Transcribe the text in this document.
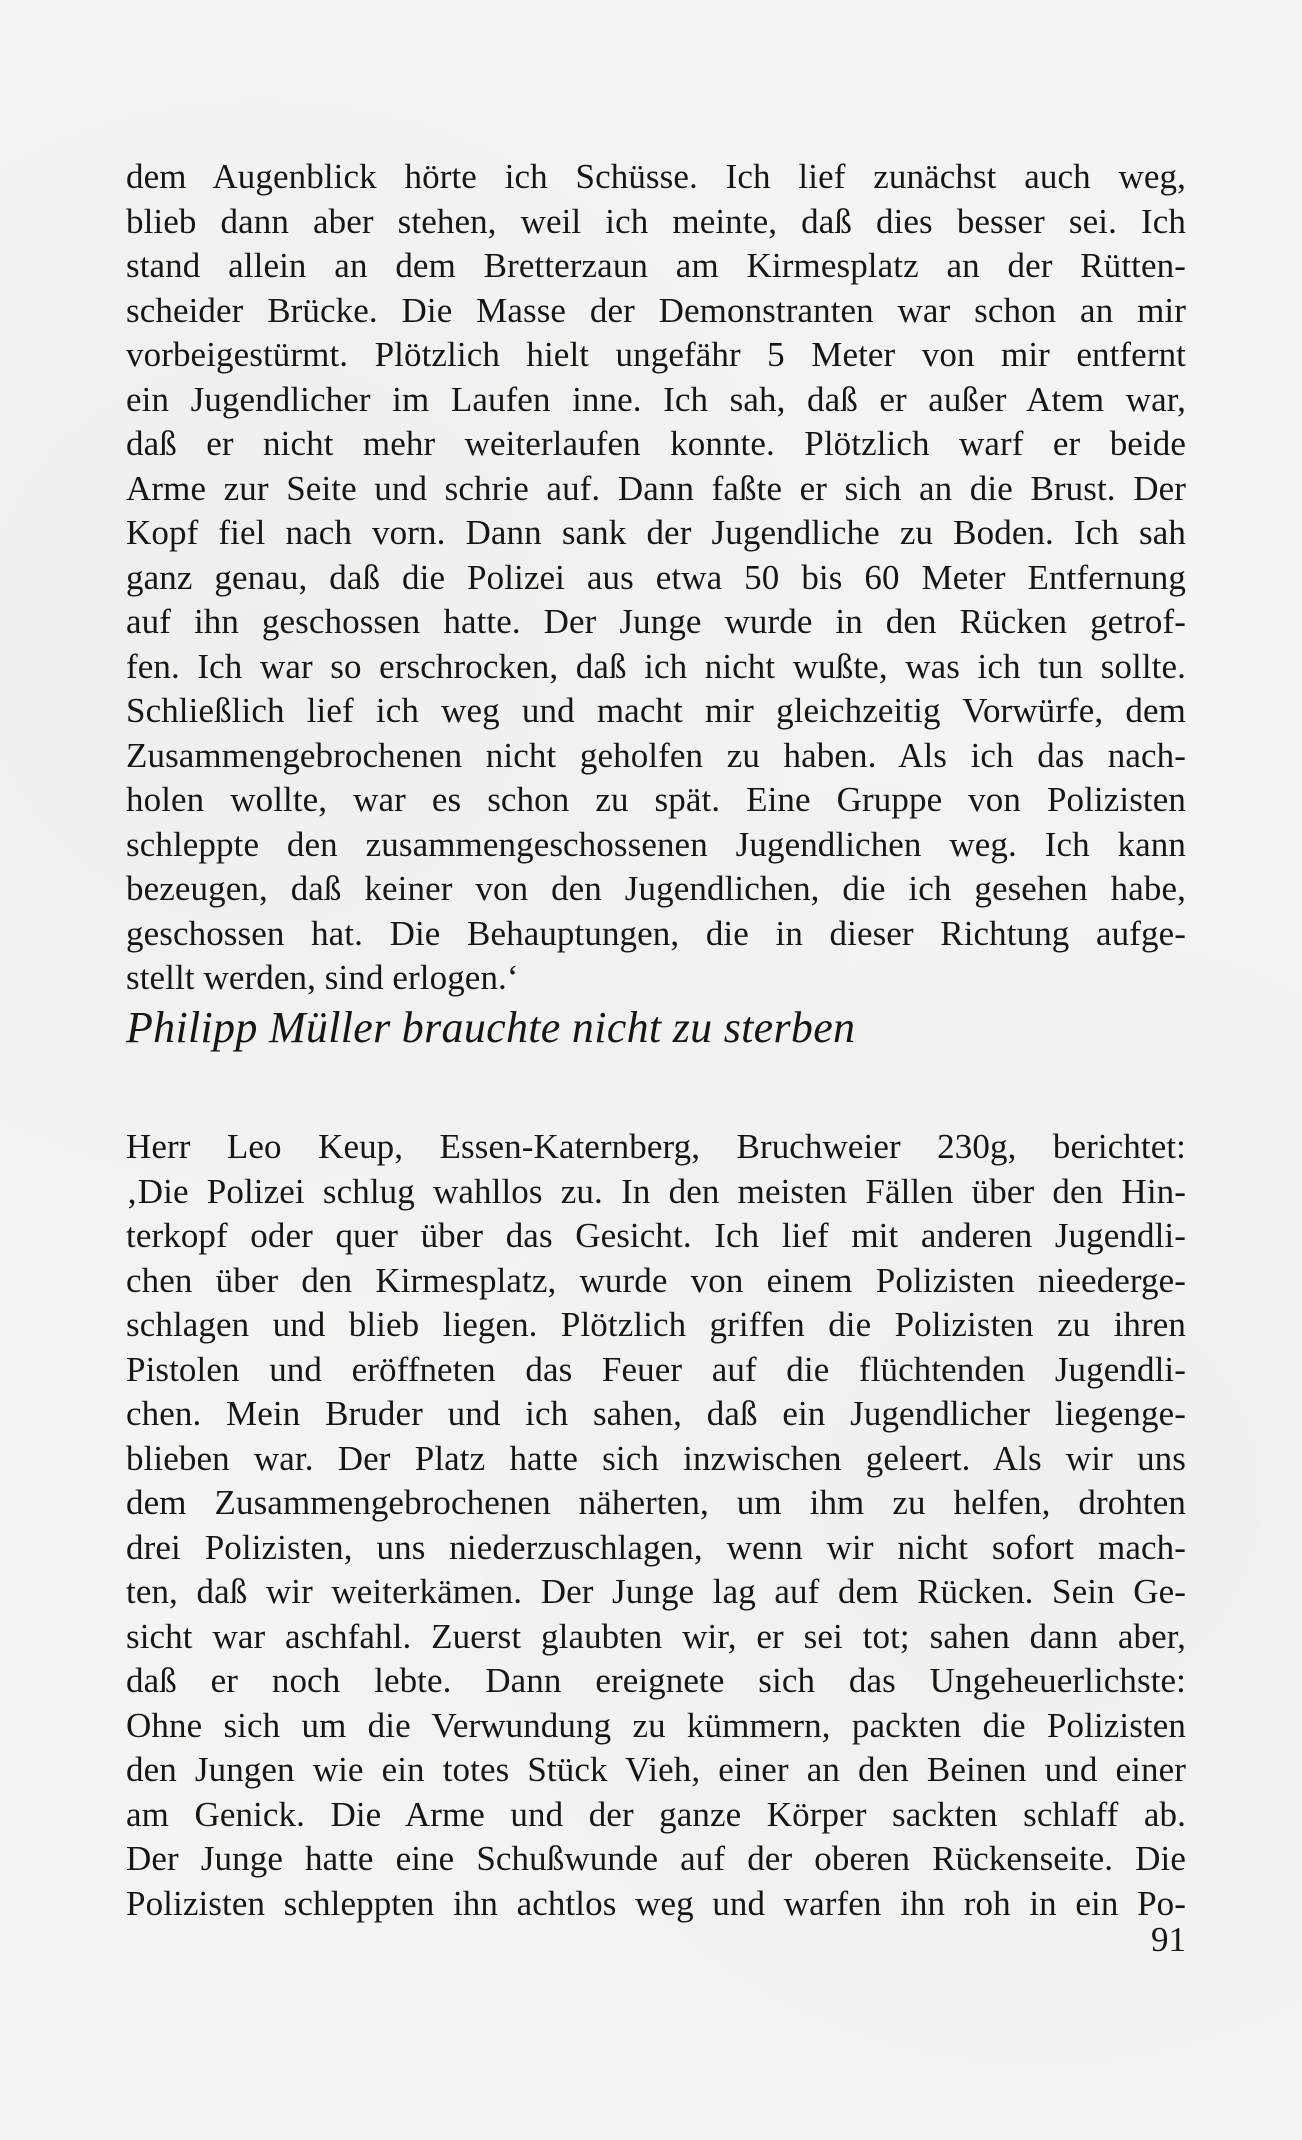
dem Augenblick hörte ich Schüsse. Ich lief zunächst auch weg,
blieb dann aber stehen, weil ich meinte, daß dies besser sei. Ich
stand allein an dem Bretterzaun am Kirmesplatz an der Rütten-
scheider Brücke. Die Masse der Demonstranten war schon an mir
vorbeigestürmt. Plötzlich hielt ungefähr 5 Meter von mir entfernt
ein Jugendlicher im Laufen inne. Ich sah, daß er außer Atem war,
daß er nicht mehr weiterlaufen konnte. Plötzlich warf er beide
Arme zur Seite und schrie auf. Dann faßte er sich an die Brust. Der
Kopf fiel nach vorn. Dann sank der Jugendliche zu Boden. Ich sah
ganz genau, daß die Polizei aus etwa 50 bis 60 Meter Entfernung
auf ihn geschossen hatte. Der Junge wurde in den Rücken getrof-
fen. Ich war so erschrocken, daß ich nicht wußte, was ich tun sollte.
Schließlich lief ich weg und macht mir gleichzeitig Vorwürfe, dem
Zusammengebrochenen nicht geholfen zu haben. Als ich das nach-
holen wollte, war es schon zu spät. Eine Gruppe von Polizisten
schleppte den zusammengeschossenen Jugendlichen weg. Ich kann
bezeugen, daß keiner von den Jugendlichen, die ich gesehen habe,
geschossen hat. Die Behauptungen, die in dieser Richtung aufge-
stellt werden, sind erlogen.‘
Philipp Müller brauchte nicht zu sterben
Herr Leo Keup, Essen-Katernberg, Bruchweier 230g, berichtet:
‚Die Polizei schlug wahllos zu. In den meisten Fällen über den Hin-
terkopf oder quer über das Gesicht. Ich lief mit anderen Jugendli-
chen über den Kirmesplatz, wurde von einem Polizisten nieederge-
schlagen und blieb liegen. Plötzlich griffen die Polizisten zu ihren
Pistolen und eröffneten das Feuer auf die flüchtenden Jugendli-
chen. Mein Bruder und ich sahen, daß ein Jugendlicher liegenge-
blieben war. Der Platz hatte sich inzwischen geleert. Als wir uns
dem Zusammengebrochenen näherten, um ihm zu helfen, drohten
drei Polizisten, uns niederzuschlagen, wenn wir nicht sofort mach-
ten, daß wir weiterkämen. Der Junge lag auf dem Rücken. Sein Ge-
sicht war aschfahl. Zuerst glaubten wir, er sei tot; sahen dann aber,
daß er noch lebte. Dann ereignete sich das Ungeheuerlichste:
Ohne sich um die Verwundung zu kümmern, packten die Polizisten
den Jungen wie ein totes Stück Vieh, einer an den Beinen und einer
am Genick. Die Arme und der ganze Körper sackten schlaff ab.
Der Junge hatte eine Schußwunde auf der oberen Rückenseite. Die
Polizisten schleppten ihn achtlos weg und warfen ihn roh in ein Po-
91
